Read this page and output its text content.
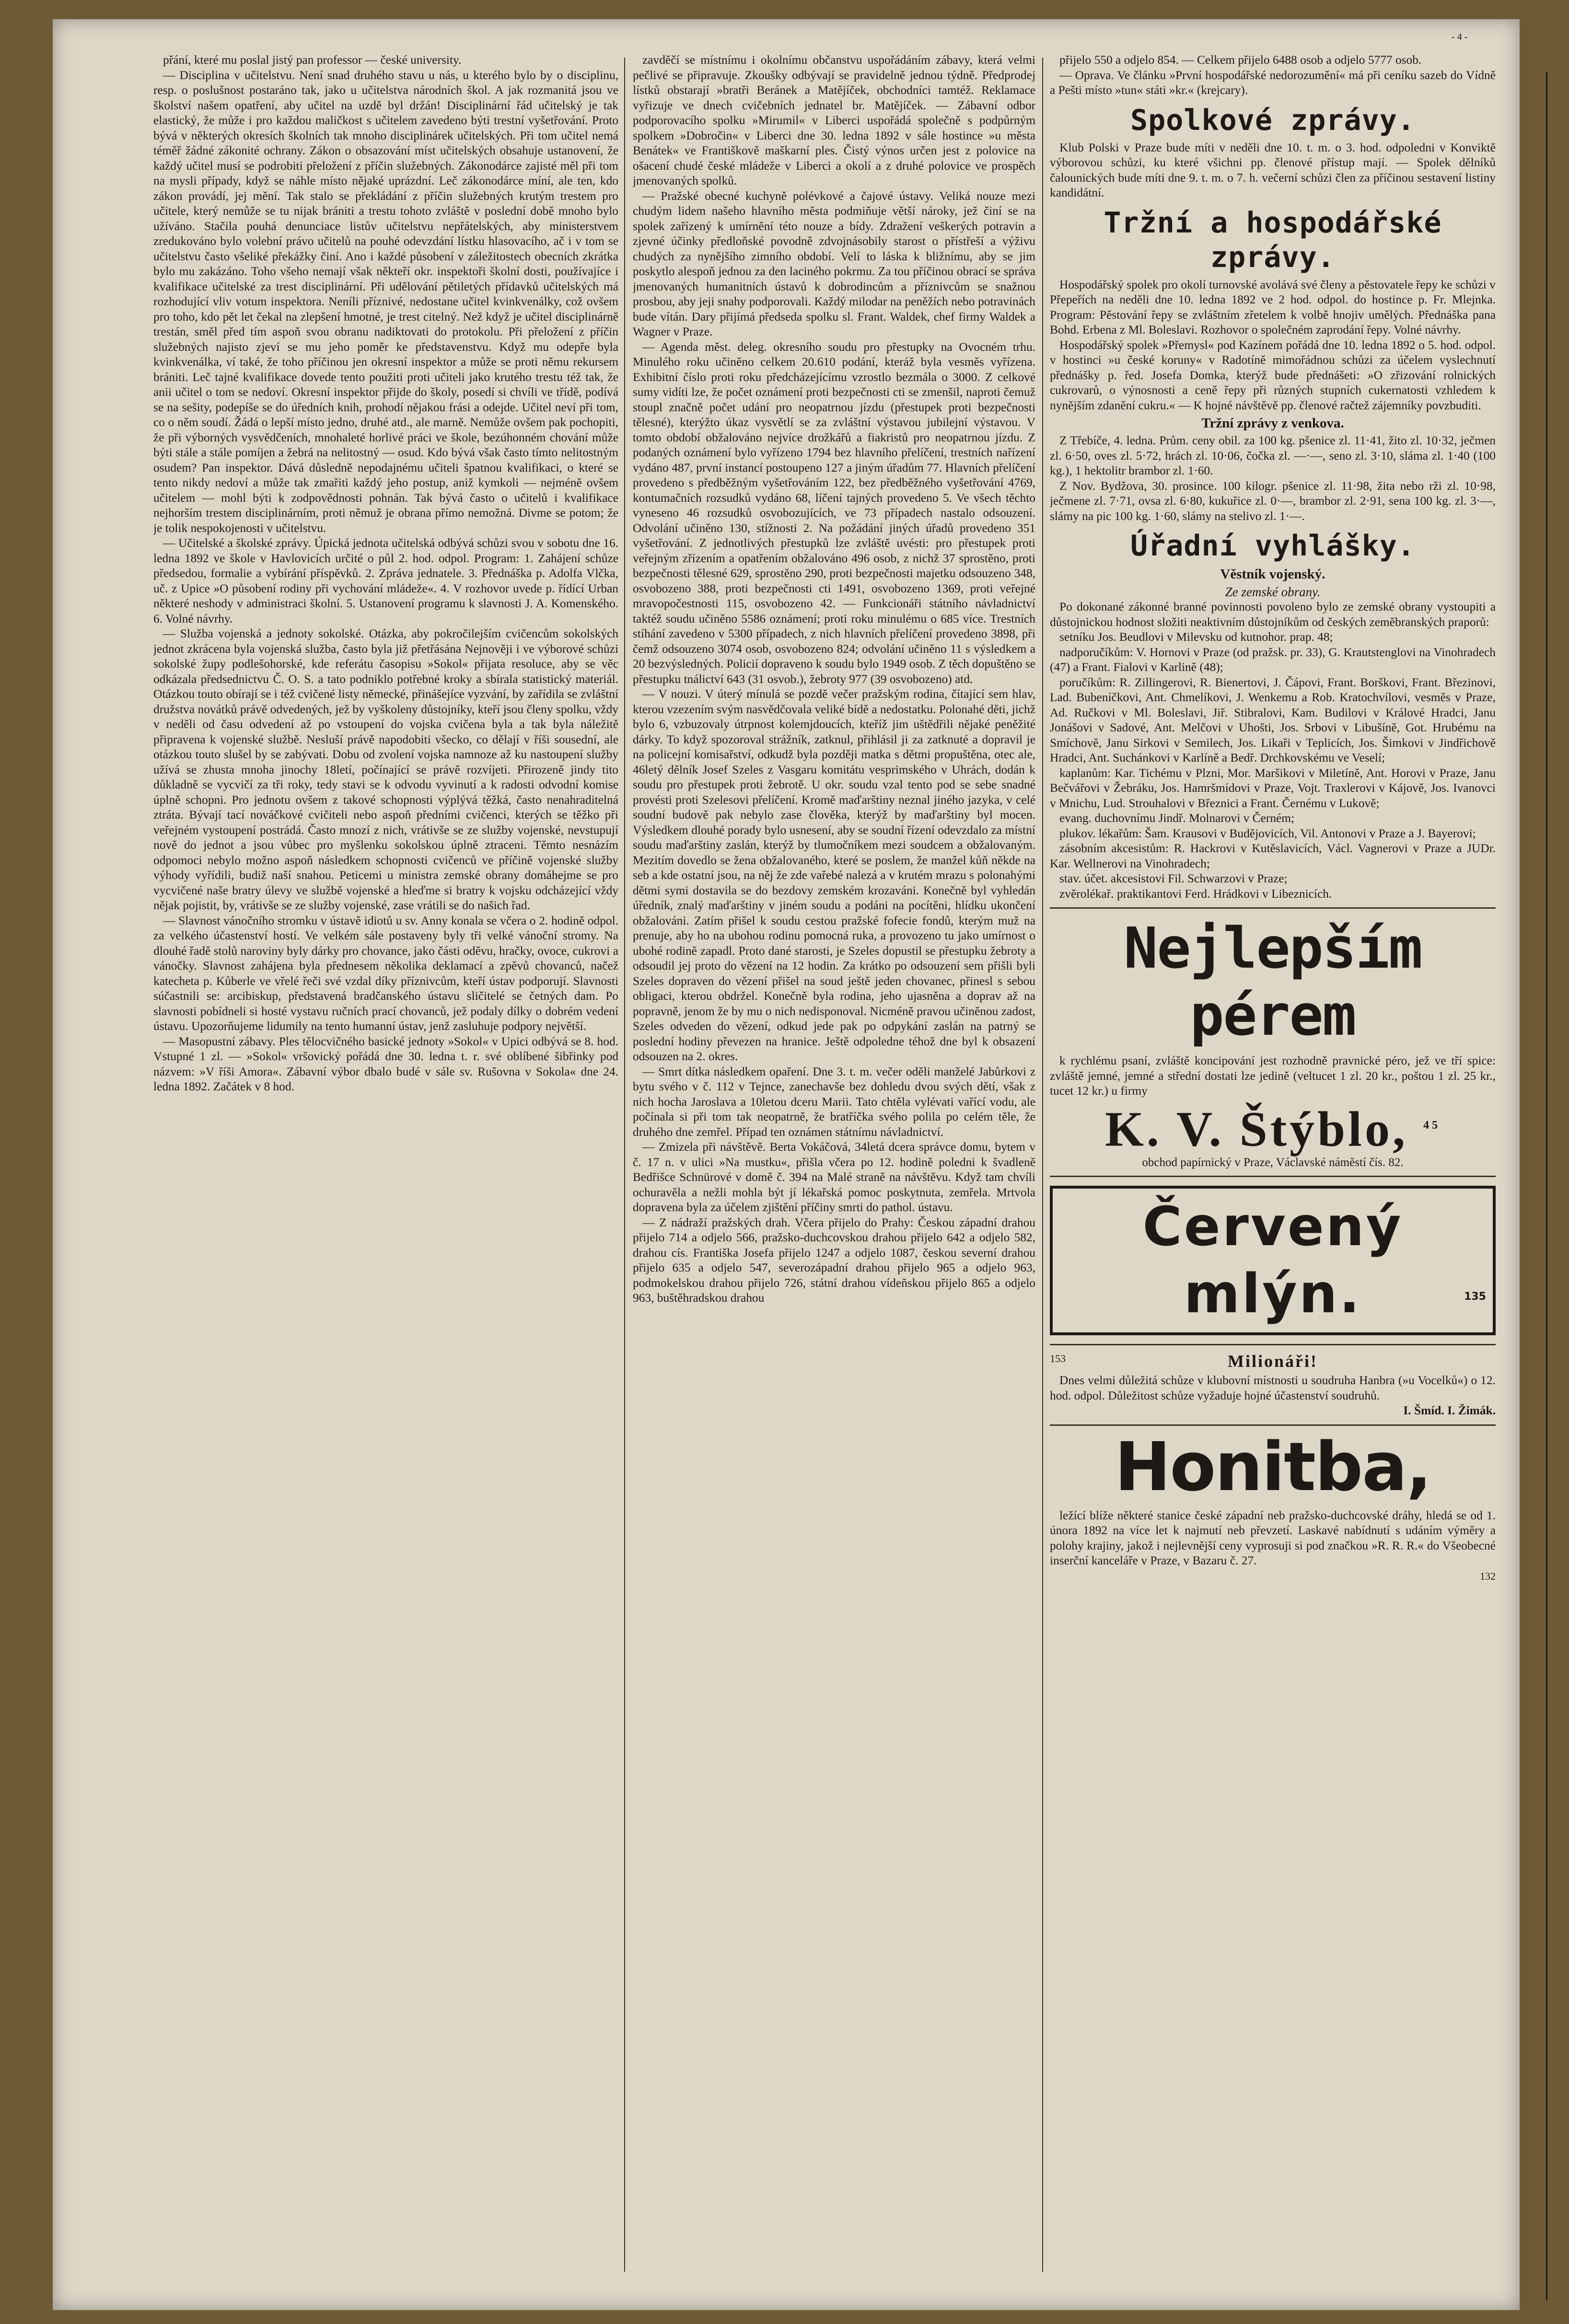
- 4 -

přání, které mu poslal jistý pan professor — české university.

— Disciplina v učitelstvu. Není snad druhého stavu u nás, u kterého bylo by o disciplinu, resp. o poslušnost postaráno tak, jako u učitelstva národních škol. A jak rozmanitá jsou ve školství našem opatření, aby učitel na uzdě byl držán! Disciplinární řád učitelský je tak elastický, že může i pro každou maličkost s učitelem zavedeno býti trestní vyšetřování. Proto bývá v některých okresích školních tak mnoho disciplinárek učitelských. Při tom učitel nemá téměř žádné zákonité ochrany. Zákon o obsazování míst učitelských obsahuje ustanovení, že každý učitel musí se podrobiti přeložení z příčin služebných. Zákonodárce zajisté měl při tom na mysli případy, když se náhle místo nějaké uprázdní. Leč zákonodárce míní, ale ten, kdo zákon provádí, jej mění. Tak stalo se překládání z příčin služebných krutým trestem pro učitele, který nemůže se tu nijak brániti a trestu tohoto zvláště v poslední době mnoho bylo užíváno. Stačila pouhá denunciace listův učitelstvu nepřátelských, aby ministerstvem zredukováno bylo volební právo učitelů na pouhé odevzdání lístku hlasovacího, ač i v tom se učitelstvu často všeliké překážky činí. Ano i každé působení v záležitostech obecních zkrátka bylo mu zakázáno. Toho všeho nemají však někteří okr. inspektoři školní dosti, používajíce i kvalifikace učitelské za trest disciplinární. Při udělování pětiletých přídavků učitelských má rozhodující vliv votum inspektora. Neníli příznivé, nedostane učitel kvinkvenálky, což ovšem pro toho, kdo pět let čekal na zlepšení hmotné, je trest citelný. Než když je učitel disciplinárně trestán, směl před tím aspoň svou obranu nadiktovati do protokolu. Při přeložení z příčin služebných najisto zjeví se mu jeho poměr ke představenstvu. Když mu odepře byla kvinkvenálka, ví také, že toho příčinou jen okresní inspektor a může se proti němu rekursem brániti. Leč tajné kvalifikace dovede tento použiti proti učiteli jako krutého trestu též tak, že anii učitel o tom se nedoví. Okresní inspektor přijde do školy, posedí si chvíli ve třídě, podívá se na sešity, podepíše se do úředních knih, prohodí nějakou frási a odejde. Učitel neví při tom, co o něm soudí. Žádá o lepší místo jedno, druhé atd., ale marně. Nemůže ovšem pak pochopiti, že při výborných vysvědčeních, mnohaleté horlivé práci ve škole, bezúhonném chování může býti stále a stále pomíjen a žebrá na nelitostný — osud. Kdo bývá však často tímto nelitostným osudem? Pan inspektor. Dává důsledně nepodajnému učiteli špatnou kvalifikaci, o které se tento nikdy nedoví a může tak zmařiti každý jeho postup, aniž kymkoli — nejméně ovšem učitelem — mohl býti k zodpovědnosti pohnán. Tak bývá často o učitelů i kvalifikace nejhorším trestem disciplinárním, proti němuž je obrana přímo nemožná. Divme se potom; že je tolik nespokojenosti v učitelstvu.

— Učitelské a školské zprávy. Úpická jednota učitelská odbývá schůzi svou v sobotu dne 16. ledna 1892 ve škole v Havlovicích určité o půl 2. hod. odpol. Program: 1. Zahájení schůze předsedou, formalie a vybírání příspěvků. 2. Zpráva jednatele. 3. Přednáška p. Adolfa Vlčka, uč. z Upice »O působení rodiny při vychování mládeže«. 4. V rozhovor uvede p. řídící Urban některé neshody v administraci školní. 5. Ustanovení programu k slavnosti J. A. Komenského. 6. Volné návrhy.

— Služba vojenská a jednoty sokolské. Otázka, aby pokročilejším cvičencům sokolských jednot zkrácena byla vojenská služba, často byla již přetřásána Nejnověji i ve výborové schůzi sokolské župy podlešohorské, kde referátu časopisu »Sokol« přijata resoluce, aby se věc odkázala předsednictvu Č. O. S. a tato podniklo potřebné kroky a sbírala statistický materiál. Otázkou touto obírají se i též cvičené listy německé, přinášejíce vyzvání, by zařídila se zvláštní družstva novátků právě odvedených, jež by vyškoleny důstojníky, kteří jsou členy spolku, vždy v neděli od času odvedení až po vstoupení do vojska cvičena byla a tak byla náležitě připravena k vojenské službě. Nesluší právě napodobiti všecko, co dělají v říši sousední, ale otázkou touto slušel by se zabývati. Dobu od zvolení vojska namnoze až ku nastoupení služby užívá se zhusta mnoha jinochy 18letí, počínající se právě rozvíjeti. Přirozeně jindy tito důkladně se vycvičí za tři roky, tedy stavi se k odvodu vyvinutí a k radosti odvodní komise úplně schopni. Pro jednotu ovšem z takové schopnosti výplývá těžká, často nenahraditelná ztráta. Bývají tací nováčkové cvičiteli nebo aspoň předními cvičenci, kterých se těžko při veřejném vystoupení postrádá. Často mnozí z nich, vrátivše se ze služby vojenské, nevstupují nově do jednot a jsou vůbec pro myšlenku sokolskou úplně ztraceni. Těmto nesnázím odpomoci nebylo možno aspoň následkem schopnosti cvičenců ve příčině vojenské služby výhody vyřídili, budiž naší snahou. Peticemi u ministra zemské obrany domáhejme se pro vycvičené naše bratry úlevy ve službě vojenské a hleďme si bratry k vojsku odcházející vždy nějak pojistit, by, vrátivše se ze služby vojenské, zase vrátili se do našich řad.

— Slavnost vánočního stromku v ústavě idiotů u sv. Anny konala se včera o 2. hodině odpol. za velkého účastenství hostí. Ve velkém sále postaveny byly tři velké vánoční stromy. Na dlouhé řadě stolů naroviny byly dárky pro chovance, jako části oděvu, hračky, ovoce, cukrovi a vánočky. Slavnost zahájena byla přednesem několika deklamací a zpěvů chovanců, načež katecheta p. Kůberle ve vřelé řeči své vzdal díky příznivcům, kteří ústav podporují. Slavnosti súčastnili se: arcibiskup, představená bradčanského ústavu sličitelé se četných dam. Po slavnosti pobídneli si hosté vystavu ručních prací chovanců, jež podaly dílky o dobrém vedení ústavu. Upozorňujeme lidumily na tento humanní ústav, jenž zasluhuje podpory největší.

— Masopustní zábavy. Ples tělocvičného basické jednoty »Sokol« v Upici odbývá se 8. hod. Vstupné 1 zl. — »Sokol« vršovický pořádá dne 30. ledna t. r. své oblíbené šibřinky pod názvem: »V říši Amora«. Zábavní výbor dbalo budé v sále sv. Rušovna v Sokola« dne 24. ledna 1892. Začátek v 8 hod.

zavděčí se místnímu i okolnímu občanstvu uspořádáním zábavy, která velmi pečlivé se připravuje. Zkoušky odbývají se pravidelně jednou týdně. Předprodej lístků obstarají »bratři Beránek a Matějíček, obchodníci tamtéž. Reklamace vyřizuje ve dnech cvičebních jednatel br. Matějíček. — Zábavní odbor podporovacího spolku »Mirumil« v Liberci uspořádá společně s podpůrným spolkem »Dobročin« v Liberci dne 30. ledna 1892 v sále hostince »u města Benátek« ve Františkově maškarní ples. Čistý výnos určen jest z polovice na ošacení chudé české mládeže v Liberci a okolí a z druhé polovice ve prospěch jmenovaných spolků.

— Pražské obecné kuchyně polévkové a čajové ústavy. Veliká nouze mezi chudým lidem našeho hlavního města podmiňuje větší nároky, jež činí se na spolek zařízený k umírnění této nouze a bídy. Zdražení veškerých potravin a zjevné účinky předloňské povodně zdvojnásobily starost o přístřeší a výživu chudých za nynějšího zimního období. Velí to láska k bližnímu, aby se jim poskytlo alespoň jednou za den laciného pokrmu. Za tou příčinou obrací se správa jmenovaných humanitních ústavů k dobrodincům a příznivcům se snažnou prosbou, aby jeji snahy podporovali. Každý milodar na peněžích nebo potravinách bude vítán. Dary přijímá předseda spolku sl. Frant. Waldek, chef firmy Waldek a Wagner v Praze.

— Agenda měst. deleg. okresního soudu pro přestupky na Ovocném trhu. Minulého roku učiněno celkem 20.610 podání, kteráž byla vesměs vyřízena. Exhibitní číslo proti roku předcházejícímu vzrostlo bezmála o 3000. Z celkové sumy vidíti lze, že počet oznámení proti bezpečnosti cti se zmenšil, naproti čemuž stoupl značně počet udání pro neopatrnou jízdu (přestupek proti bezpečnosti tělesné), kterýžto úkaz vysvětlí se za zvláštní výstavou jubilejní výstavou. V tomto období obžalováno nejvíce drožkářů a fiakristů pro neopatrnou jízdu. Z podaných oznámení bylo vyřízeno 1794 bez hlavního přelíčení, trestních nařízení vydáno 487, první instancí postoupeno 127 a jiným úřadům 77. Hlavních přelíčení provedeno s předběžným vyšetřováním 122, bez předběžného vyšetřování 4769, kontumačních rozsudků vydáno 68, líčení tajných provedeno 5. Ve všech těchto vyneseno 46 rozsudků osvobozujících, ve 73 případech nastalo odsouzení. Odvolání učiněno 130, stížnosti 2. Na požádání jiných úřadů provedeno 351 vyšetřování. Z jednotlivých přestupků lze zvláště uvésti: pro přestupek proti veřejným zřízením a opatřením obžalováno 496 osob, z nichž 37 sprostěno, proti bezpečnosti tělesné 629, sprostěno 290, proti bezpečnosti majetku odsouzeno 348, osvobozeno 388, proti bezpečnosti cti 1491, osvobozeno 1369, proti veřejné mravopočestnosti 115, osvobozeno 42. — Funkcionáři státního návladnictví taktéž soudu učiněno 5586 oznámení; proti roku minulému o 685 více. Trestních stíhání zavedeno v 5300 případech, z nich hlavních přelíčení provedeno 3898, při čemž odsouzeno 3074 osob, osvobozeno 824; odvolání učiněno 11 s výsledkem a 20 bezvýsledných. Policií dopraveno k soudu bylo 1949 osob. Z těch dopuštěno se přestupku tnálictví 643 (31 osvob.), žebroty 977 (39 osvobozeno) atd.

— V nouzi. V úterý mínulá se pozdě večer pražským rodina, čítající sem hlav, kterou vzezením svým nasvědčovala veliké bídě a nedostatku. Polonahé děti, jichž bylo 6, vzbuzovaly útrpnost kolemjdoucích, kteříž jim uštědřili nějaké peněžité dárky. To když spozoroval strážník, zatknul, přihlásil ji za zatknuté a dopravil je na policejní komisařství, odkudž byla později matka s dětmi propuštěna, otec ale, 46letý dělník Josef Szeles z Vasgaru komitátu vesprimského v Uhrách, dodán k soudu pro přestupek proti žebrotě. U okr. soudu vzal tento pod se sebe snadné provésti proti Szelesovi přelíčení. Kromě maďarštiny neznal jiného jazyka, v celé soudní budově pak nebylo zase člověka, kterýž by maďarštiny byl mocen. Výsledkem dlouhé porady bylo usnesení, aby se soudní řízení odevzdalo za místní soudu maďarštiny zaslán, kterýž by tlumočníkem mezi soudcem a obžalovaným. Mezitím dovedlo se žena obžalovaného, které se poslem, že manžel kůň někde na seb a kde ostatní jsou, na něj že zde vařebé nalezá a v krutém mrazu s polonahými dětmi symi dostavila se do bezdovy zemském krozaváni. Konečně byl vyhledán úředník, znalý maďarštiny v jiném soudu a podáni na pocítěni, hlídku ukončení obžalováni. Zatím přišel k soudu cestou pražské fofecie fondů, kterým muž na prenuje, aby ho na ubohou rodinu pomocná ruka, a provozeno tu jako umírnost o ubohé rodině zapadl. Proto dané starosti, je Szeles dopustil se přestupku žebroty a odsoudil jej proto do vězení na 12 hodin. Za krátko po odsouzení sem přišli byli Szeles dopraven do vězení přišel na soud ještě jeden chovanec, přinesl s sebou obligaci, kterou obdržel. Konečně byla rodina, jeho ujasněna a doprav až na popravně, jenom že by mu o nich nedisponoval. Nicméně pravou učiněnou zadost, Szeles odveden do vězení, odkud jede pak po odpykání zaslán na patrný se poslední hodiny převezen na hranice. Ještě odpoledne téhož dne byl k obsazení odsouzen na 2. okres.

— Smrt dítka následkem opaření. Dne 3. t. m. večer oděli manželé Jabůrkovi z bytu svého v č. 112 v Tejnce, zanechavše bez dohledu dvou svých dětí, však z nich hocha Jaroslava a 10letou dceru Marii. Tato chtěla vylévati vařící vodu, ale počínala si při tom tak neopatrně, že bratříčka svého polila po celém těle, že druhého dne zemřel. Případ ten oznámen státnímu návladnictví.

— Zmizela při návštěvě. Berta Vokáčová, 34letá dcera správce domu, bytem v č. 17 n. v ulici »Na mustku«, přišla včera po 12. hodině poledni k švadleně Bedřišce Schnürové v domě č. 394 na Malé straně na návštěvu. Když tam chvíli ochuravěla a nežli mohla být jí lékařská pomoc poskytnuta, zemřela. Mrtvola dopravena byla za účelem zjištění příčiny smrti do pathol. ústavu.

— Z nádraží pražských drah. Včera přijelo do Prahy: Českou západní drahou přijelo 714 a odjelo 566, pražsko-duchcovskou drahou přijelo 642 a odjelo 582, drahou cís. Františka Josefa přijelo 1247 a odjelo 1087, českou severní drahou přijelo 635 a odjelo 547, severozápadní drahou přijelo 965 a odjelo 963, podmokelskou drahou přijelo 726, státní drahou vídeňskou přijelo 865 a odjelo 963, buštěhradskou drahou

přijelo 550 a odjelo 854. — Celkem přijelo 6488 osob a odjelo 5777 osob.

— Oprava. Ve článku »První hospodářské nedorozumění« má při ceníku sazeb do Vídně a Pešti místo »tun« státi »kr.« (krejcary).

Spolkové zprávy.

Klub Polski v Praze bude míti v neděli dne 10. t. m. o 3. hod. odpoledni v Konviktě výborovou schůzi, ku které všichni pp. členové přístup mají. — Spolek dělníků čalounických bude míti dne 9. t. m. o 7. h. večerní schůzi člen za příčinou sestavení listiny kandidátní.

Tržní a hospodářské zprávy.

Hospodářský spolek pro okolí turnovské avolává své členy a pěstovatele řepy ke schůzi v Přepeřích na neděli dne 10. ledna 1892 ve 2 hod. odpol. do hostince p. Fr. Mlejnka. Program: Pěstování řepy se zvláštním zřetelem k volbě hnojiv umělých. Přednáška pana Bohd. Erbena z Ml. Boleslavi. Rozhovor o společném zaprodání řepy. Volné návrhy.

Hospodářský spolek »Přemysl« pod Kazínem pořádá dne 10. ledna 1892 o 5. hod. odpol. v hostinci »u české koruny« v Radotíně mimořádnou schůzi za účelem vyslechnutí přednášky p. řed. Josefa Domka, kterýž bude přednášeti: »O zřizování rolnických cukrovarů, o výnosnosti a ceně řepy při různých stupních cukernatosti vzhledem k nynějším zdanění cukru.« — K hojné návštěvě pp. členové račtež zájemníky povzbuditi.

Tržní zprávy z venkova.

Z Třebíče, 4. ledna. Prům. ceny obil. za 100 kg. pšenice zl. 11·41, žito zl. 10·32, ječmen zl. 6·50, oves zl. 5·72, hrách zl. 10·06, čočka zl. —·—, seno zl. 3·10, sláma zl. 1·40 (100 kg.), 1 hektolitr brambor zl. 1·60.

Z Nov. Bydžova, 30. prosince. 100 kilogr. pšenice zl. 11·98, žita nebo rži zl. 10·98, ječmene zl. 7·71, ovsa zl. 6·80, kukuřice zl. 0·—, brambor zl. 2·91, sena 100 kg. zl. 3·—, slámy na pic 100 kg. 1·60, slámy na stelivo zl. 1·—.

Úřadní vyhlášky.
Věstník vojenský.
Ze zemské obrany.

Po dokonané zákonné branné povinnosti povoleno bylo ze zemské obrany vystoupiti a důstojnickou hodnost složiti neaktivním důstojníkům od českých zeměbranských praporů:

setníku Jos. Beudlovi v Milevsku od kutnohor. prap. 48;

nadporučíkům: V. Hornovi v Praze (od pražsk. pr. 33), G. Krautstenglovi na Vinohradech (47) a Frant. Fialovi v Karlině (48);

poručíkům: R. Zillingerovi, R. Bienertovi, J. Čápovi, Frant. Borškovi, Frant. Březinovi, Lad. Bubeníčkovi, Ant. Chmelíkovi, J. Wenkemu a Rob. Kratochvílovi, vesměs v Praze, Ad. Ručkovi v Ml. Boleslavi, Jiř. Stibralovi, Kam. Budilovi v Králové Hradci, Janu Jonášovi v Sadové, Ant. Melčovi v Uhošti, Jos. Srbovi v Libušíně, Got. Hrubému na Smíchově, Janu Sirkovi v Semilech, Jos. Likaři v Teplicích, Jos. Šimkovi v Jindřichově Hradci, Ant. Suchánkovi v Karlíně a Bedř. Drchkovskému ve Veselí;

kaplanům: Kar. Tichému v Plzni, Mor. Maršikovi v Miletíně, Ant. Horovi v Praze, Janu Bečvářovi v Žebráku, Jos. Hamršmídovi v Praze, Vojt. Traxlerovi v Kájově, Jos. Ivanovci v Mnichu, Lud. Strouhalovi v Březnici a Frant. Černému v Lukově;

evang. duchovnímu Jindř. Molnarovi v Černém;

plukov. lékařům: Šam. Krausovi v Budějovicích, Vil. Antonovi v Praze a J. Bayerovi;

zásobním akcesistům: R. Hackrovi v Kutěslavicích, Václ. Vagnerovi v Praze a JUDr. Kar. Wellnerovi na Vinohradech;

stav. účet. akcesistovi Fil. Schwarzovi v Praze;

zvěrolékař. praktikantovi Ferd. Hrádkovi v Libeznicích.

Nejlepším pérem

k rychlému psaní, zvláště koncipování jest rozhodně pravnické péro, jež ve tří spice: zvláště jemné, jemné a střední dostati lze jedině (veltucet 1 zl. 20 kr., poštou 1 zl. 25 kr., tucet 12 kr.) u firmy

K. V. Štýblo, $^{45}$
obchod papírnický v Praze, Václavské náměstí čís. 82.
Červený mlýn.	135
153	Milionáři!

Dnes velmi důležitá schůze v klubovní místnosti u soudruha Hanbra (»u Vocelků«) o 12. hod. odpol. Důležitost schůze vyžaduje hojné účastenství soudruhů.

I. Šmíd. I. Žimák.
Honitba,

ležící blíže některé stanice české západní neb pražsko-duchcovské dráhy, hledá se od 1. února 1892 na více let k najmutí neb převzetí. Laskavé nabídnutí s udáním výměry a polohy krajiny, jakož i nejlevnější ceny vyprosuji si pod značkou »R. R. R.« do Všeobecné inserční kanceláře v Praze, v Bazaru č. 27.

132
